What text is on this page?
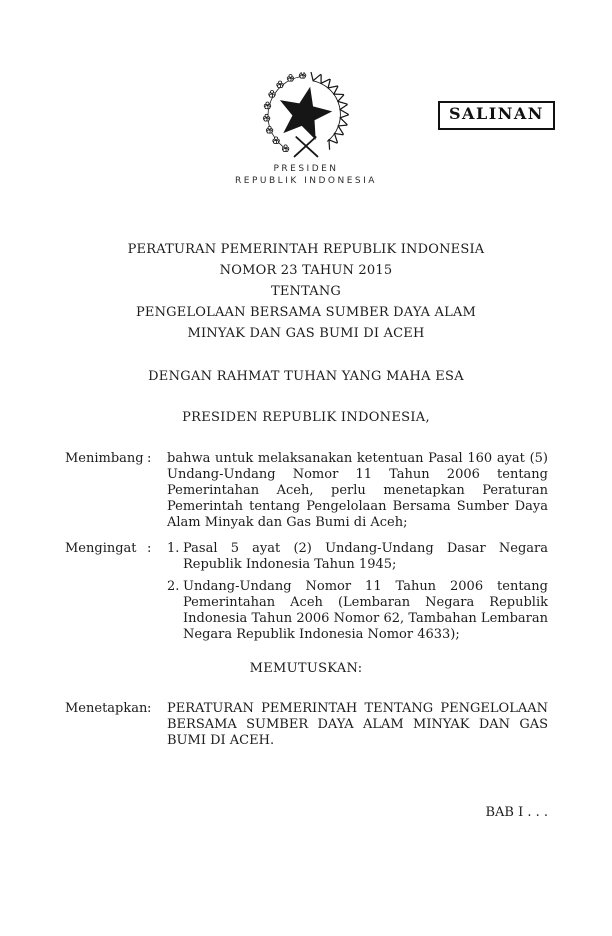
PRESIDEN
REPUBLIK INDONESIA
SALINAN
PERATURAN PEMERINTAH REPUBLIK INDONESIA
NOMOR 23 TAHUN 2015
TENTANG
PENGELOLAAN BERSAMA SUMBER DAYA ALAM
MINYAK DAN GAS BUMI DI ACEH
DENGAN RAHMAT TUHAN YANG MAHA ESA
PRESIDEN REPUBLIK INDONESIA,
Menimbang :	bahwa untuk melaksanakan ketentuan Pasal 160 ayat (5) Undang-Undang Nomor 11 Tahun 2006 tentang Pemerintahan Aceh, perlu menetapkan Peraturan Pemerintah tentang Pengelolaan Bersama Sumber Daya Alam Minyak dan Gas Bumi di Aceh;
Mengingat :	1. Pasal 5 ayat (2) Undang-Undang Dasar Negara Republik Indonesia Tahun 1945;
2. Undang-Undang Nomor 11 Tahun 2006 tentang Pemerintahan Aceh (Lembaran Negara Republik Indonesia Tahun 2006 Nomor 62, Tambahan Lembaran Negara Republik Indonesia Nomor 4633);
MEMUTUSKAN:
Menetapkan :	PERATURAN PEMERINTAH TENTANG PENGELOLAAN BERSAMA SUMBER DAYA ALAM MINYAK DAN GAS BUMI DI ACEH.
BAB I . . .
